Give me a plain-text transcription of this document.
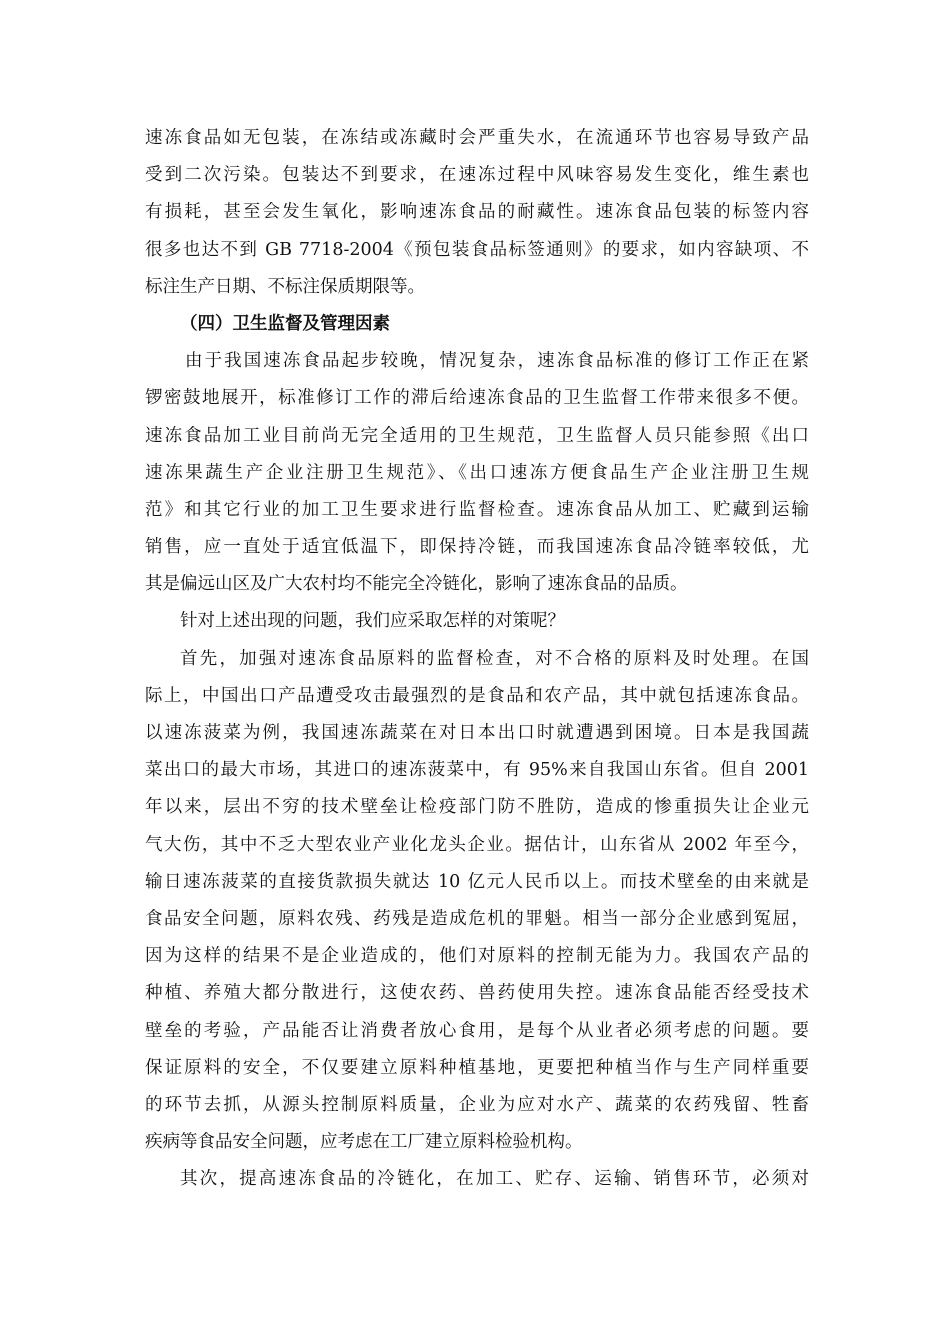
速冻食品如无包装，在冻结或冻藏时会严重失水，在流通环节也容易导致产品
受到二次污染。包装达不到要求，在速冻过程中风味容易发生变化，维生素也
有损耗，甚至会发生氧化，影响速冻食品的耐藏性。速冻食品包装的标签内容
很多也达不到 GB 7718-2004《预包装食品标签通则》的要求，如内容缺项、不
标注生产日期、不标注保质期限等。
（四）卫生监督及管理因素
由于我国速冻食品起步较晚，情况复杂，速冻食品标准的修订工作正在紧
锣密鼓地展开，标准修订工作的滞后给速冻食品的卫生监督工作带来很多不便。
速冻食品加工业目前尚无完全适用的卫生规范，卫生监督人员只能参照《出口
速冻果蔬生产企业注册卫生规范》、《出口速冻方便食品生产企业注册卫生规
范》和其它行业的加工卫生要求进行监督检查。速冻食品从加工、贮藏到运输
销售，应一直处于适宜低温下，即保持冷链，而我国速冻食品冷链率较低，尤
其是偏远山区及广大农村均不能完全冷链化，影响了速冻食品的品质。
针对上述出现的问题，我们应采取怎样的对策呢？
首先，加强对速冻食品原料的监督检查，对不合格的原料及时处理。在国
际上，中国出口产品遭受攻击最强烈的是食品和农产品，其中就包括速冻食品。
以速冻菠菜为例，我国速冻蔬菜在对日本出口时就遭遇到困境。日本是我国蔬
菜出口的最大市场，其进口的速冻菠菜中，有 95%来自我国山东省。但自 2001
年以来，层出不穷的技术壁垒让检疫部门防不胜防，造成的惨重损失让企业元
气大伤，其中不乏大型农业产业化龙头企业。据估计，山东省从 2002 年至今，
输日速冻菠菜的直接货款损失就达 10 亿元人民币以上。而技术壁垒的由来就是
食品安全问题，原料农残、药残是造成危机的罪魁。相当一部分企业感到冤屈，
因为这样的结果不是企业造成的，他们对原料的控制无能为力。我国农产品的
种植、养殖大都分散进行，这使农药、兽药使用失控。速冻食品能否经受技术
壁垒的考验，产品能否让消费者放心食用，是每个从业者必须考虑的问题。要
保证原料的安全，不仅要建立原料种植基地，更要把种植当作与生产同样重要
的环节去抓，从源头控制原料质量，企业为应对水产、蔬菜的农药残留、牲畜
疾病等食品安全问题，应考虑在工厂建立原料检验机构。
其次，提高速冻食品的冷链化，在加工、贮存、运输、销售环节，必须对
